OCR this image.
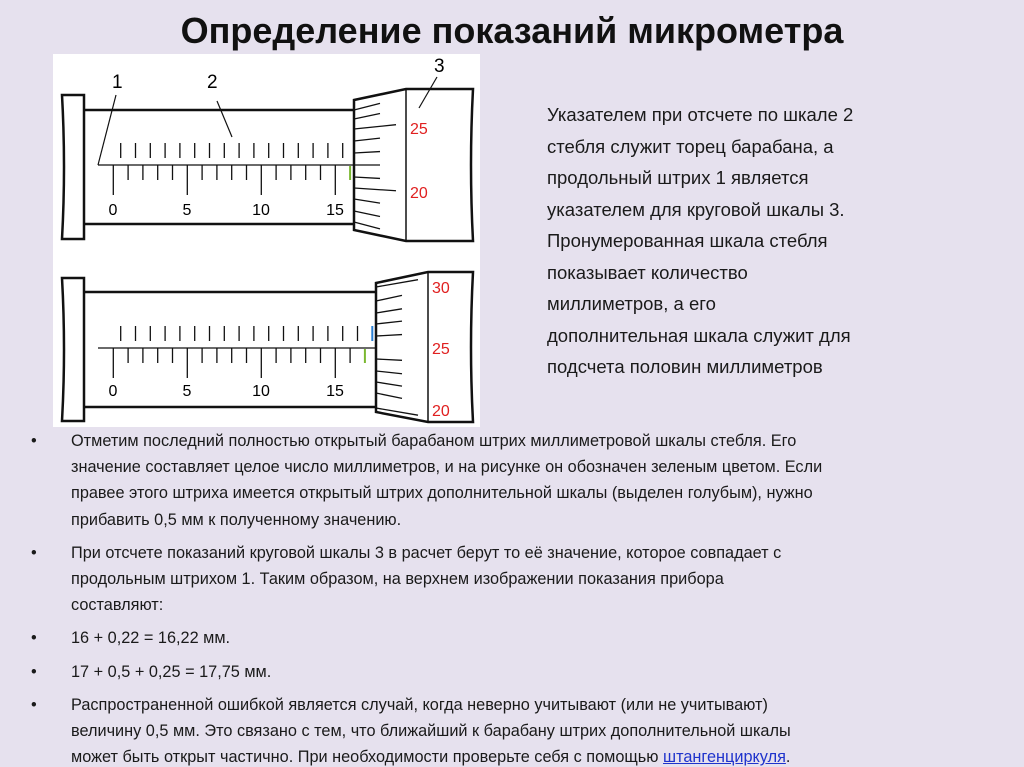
Определение показаний микрометра
1	2
3
0	5	10	15
25
20
0	5	10	15
30
25
20
Указателем при отсчете по шкале 2
стебля служит торец барабана, а
продольный штрих 1 является
указателем для круговой шкалы 3.
Пронумерованная шкала стебля
показывает количество
миллиметров, а его
дополнительная шкала служит для
подсчета половин миллиметров
• Отметим последний полностью открытый барабаном штрих миллиметровой шкалы стебля. Его
значение составляет целое число миллиметров, и на рисунке он обозначен зеленым цветом. Если
правее этого штриха имеется открытый штрих дополнительной шкалы (выделен голубым), нужно
прибавить 0,5 мм к полученному значению.
• При отсчете показаний круговой шкалы 3 в расчет берут то её значение, которое совпадает с
продольным штрихом 1. Таким образом, на верхнем изображении показания прибора
составляют:
• 16 + 0,22 = 16,22 мм.
• 17 + 0,5 + 0,25 = 17,75 мм.
• Распространенной ошибкой является случай, когда неверно учитывают (или не учитывают)
величину 0,5 мм. Это связано с тем, что ближайший к барабану штрих дополнительной шкалы
может быть открыт частично. При необходимости проверьте себя с помощью штангенциркуля.
